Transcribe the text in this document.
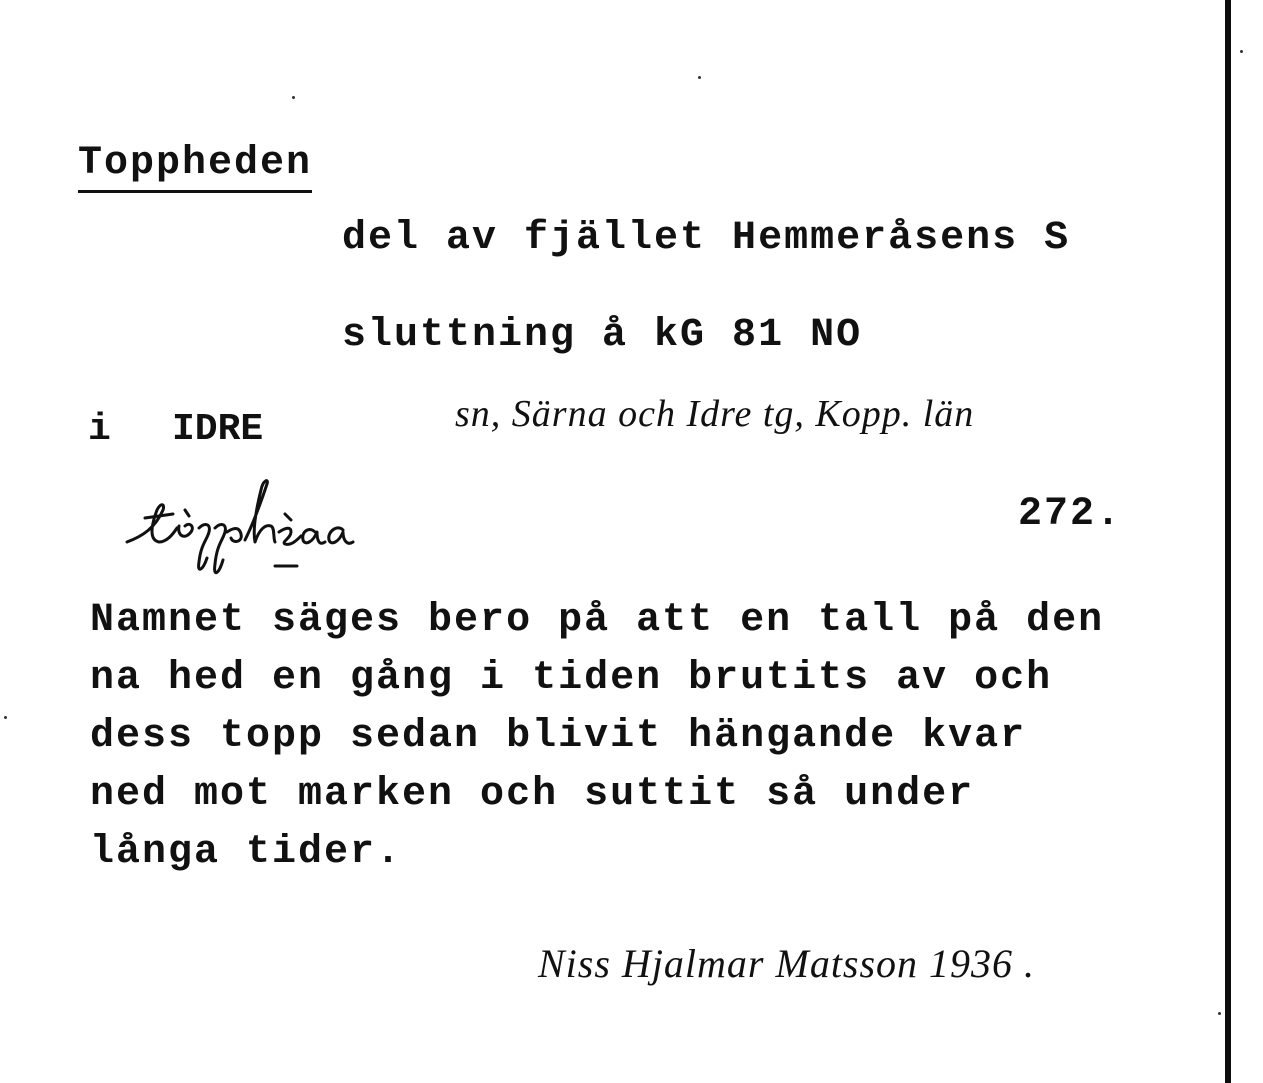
Toppheden
del av fjället Hemmeråsens S
sluttning å kG 81 NO
i IDRE	sn, Särna och Idre tg, Kopp. län
272.
Namnet säges bero på att en tall på den
na hed en gång i tiden brutits av och
dess topp sedan blivit hängande kvar
ned mot marken och suttit så under
långa tider.
Niss Hjalmar Matsson 1936 .
